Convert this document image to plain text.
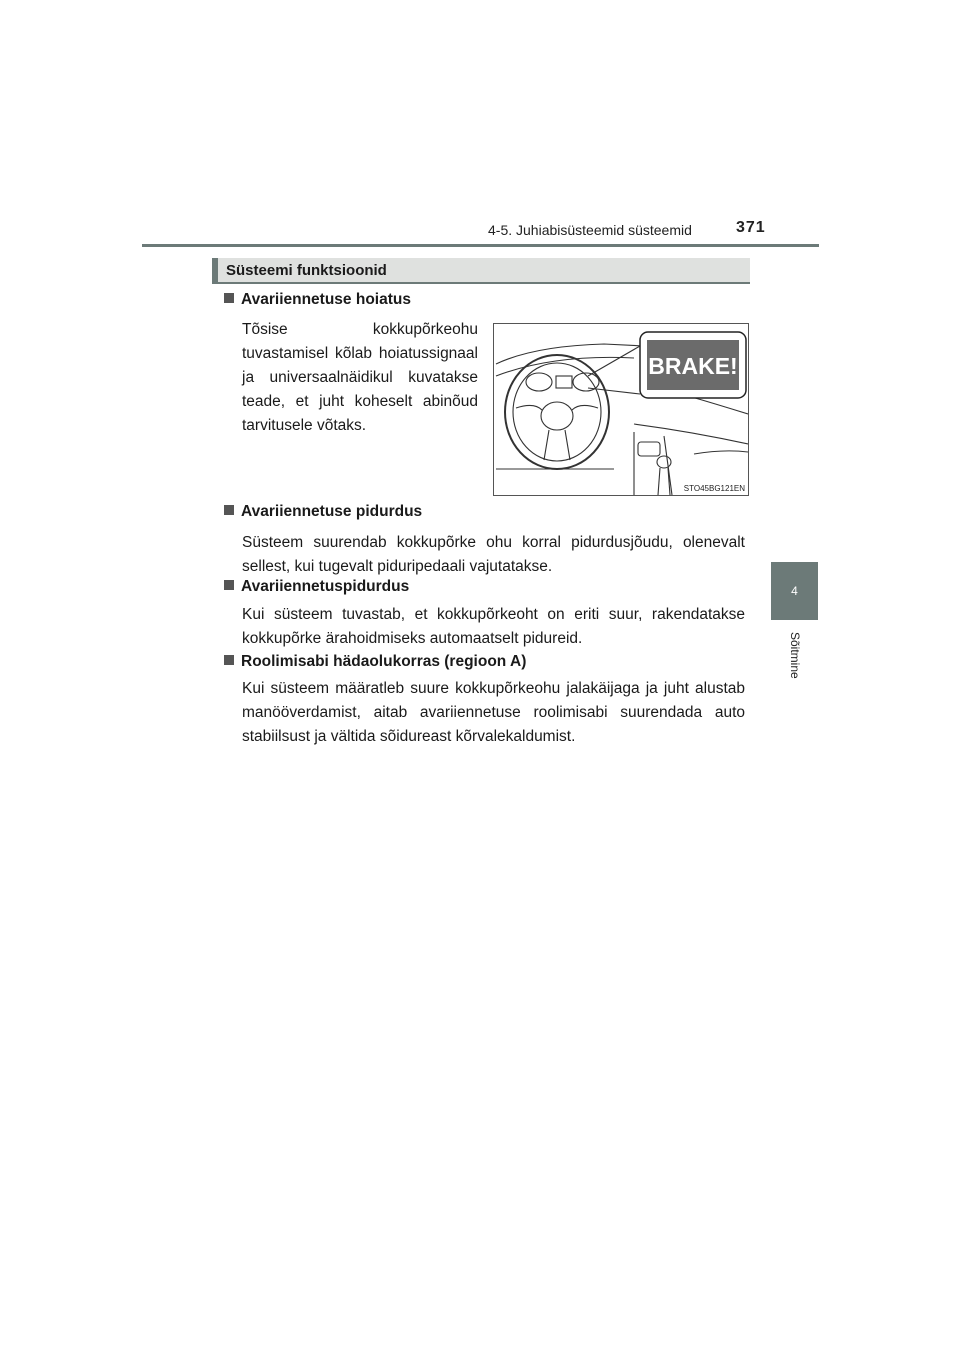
4-5. Juhiabisüsteemid süsteemid	371
4
Sõitmine
Süsteemi funktsioonid
Avariiennetuse hoiatus
Tõsise kokkupõrkeohu tuvastamisel kõlab hoiatussignaal ja universaalnäidikul kuvatakse teade, et juht koheselt abinõud tarvitusele võtaks.
BRAKE!
STO45BG121EN
Avariiennetuse pidurdus
Süsteem suurendab kokkupõrke ohu korral pidurdusjõudu, olenevalt sellest, kui tugevalt piduripedaali vajutatakse.
Avariiennetuspidurdus
Kui süsteem tuvastab, et kokkupõrkeoht on eriti suur, rakendatakse kokkupõrke ärahoidmiseks automaatselt pidureid.
Roolimisabi hädaolukorras (regioon A)
Kui süsteem määratleb suure kokkupõrkeohu jalakäijaga ja juht alustab manööverdamist, aitab avariiennetuse roolimisabi suurendada auto stabiilsust ja vältida sõidureast kõrvalekaldumist.
